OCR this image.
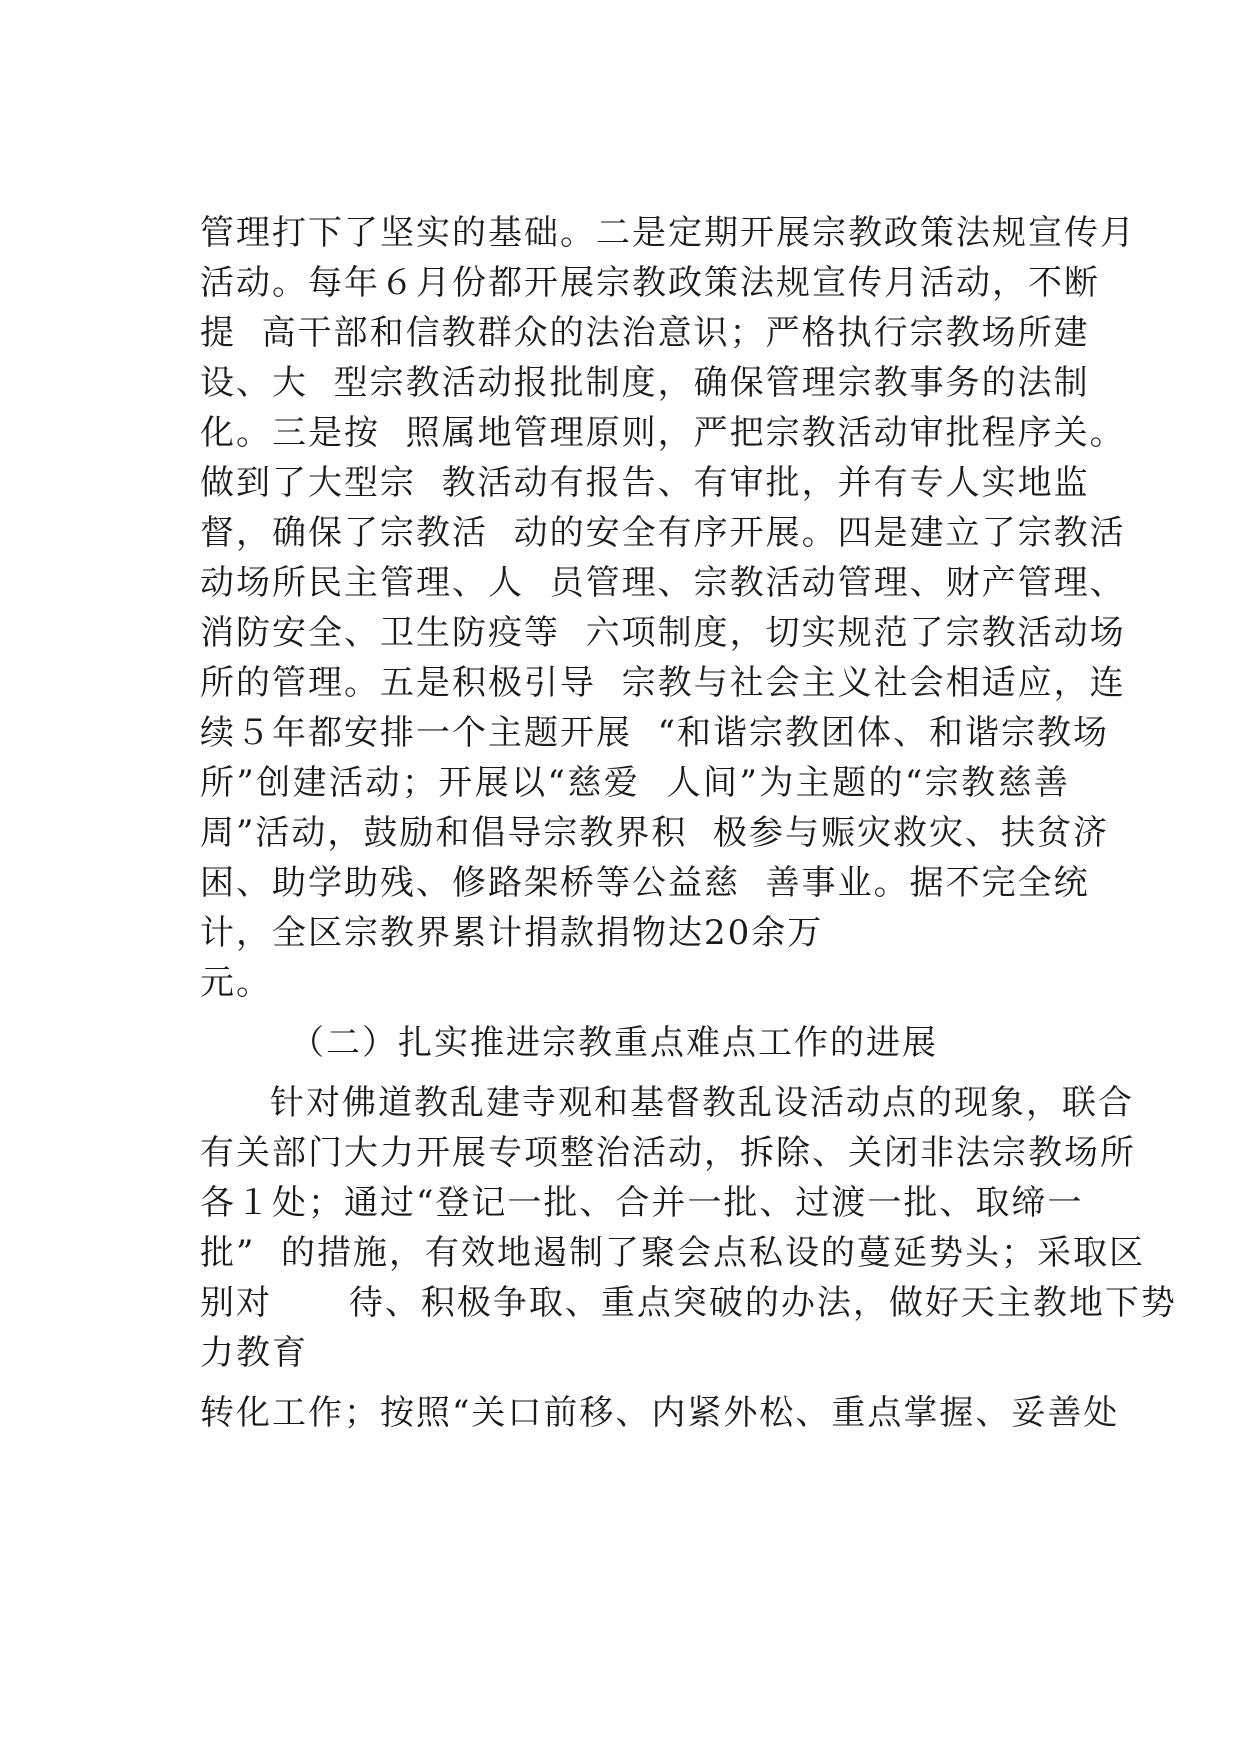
管理打下了坚实的基础。二是定期开展宗教政策法规宣传月
活动。每年６月份都开展宗教政策法规宣传月活动，不断
提  高干部和信教群众的法治意识；严格执行宗教场所建
设、大  型宗教活动报批制度，确保管理宗教事务的法制
化。三是按  照属地管理原则，严把宗教活动审批程序关。
做到了大型宗  教活动有报告、有审批，并有专人实地监
督，确保了宗教活  动的安全有序开展。四是建立了宗教活
动场所民主管理、人  员管理、宗教活动管理、财产管理、
消防安全、卫生防疫等  六项制度，切实规范了宗教活动场
所的管理。五是积极引导  宗教与社会主义社会相适应，连
续５年都安排一个主题开展  “和谐宗教团体、和谐宗教场
所”创建活动；开展以“慈爱  人间”为主题的“宗教慈善
周”活动，鼓励和倡导宗教界积  极参与赈灾救灾、扶贫济
困、助学助残、修路架桥等公益慈  善事业。据不完全统
计，全区宗教界累计捐款捐物达20余万
元。
（二）扎实推进宗教重点难点工作的进展
针对佛道教乱建寺观和基督教乱设活动点的现象，联合
有关部门大力开展专项整治活动，拆除、关闭非法宗教场所
各１处；通过“登记一批、合并一批、过渡一批、取缔一
批”  的措施，有效地遏制了聚会点私设的蔓延势头；采取区
别对      待、积极争取、重点突破的办法，做好天主教地下势
力教育
转化工作；按照“关口前移、内紧外松、重点掌握、妥善处
